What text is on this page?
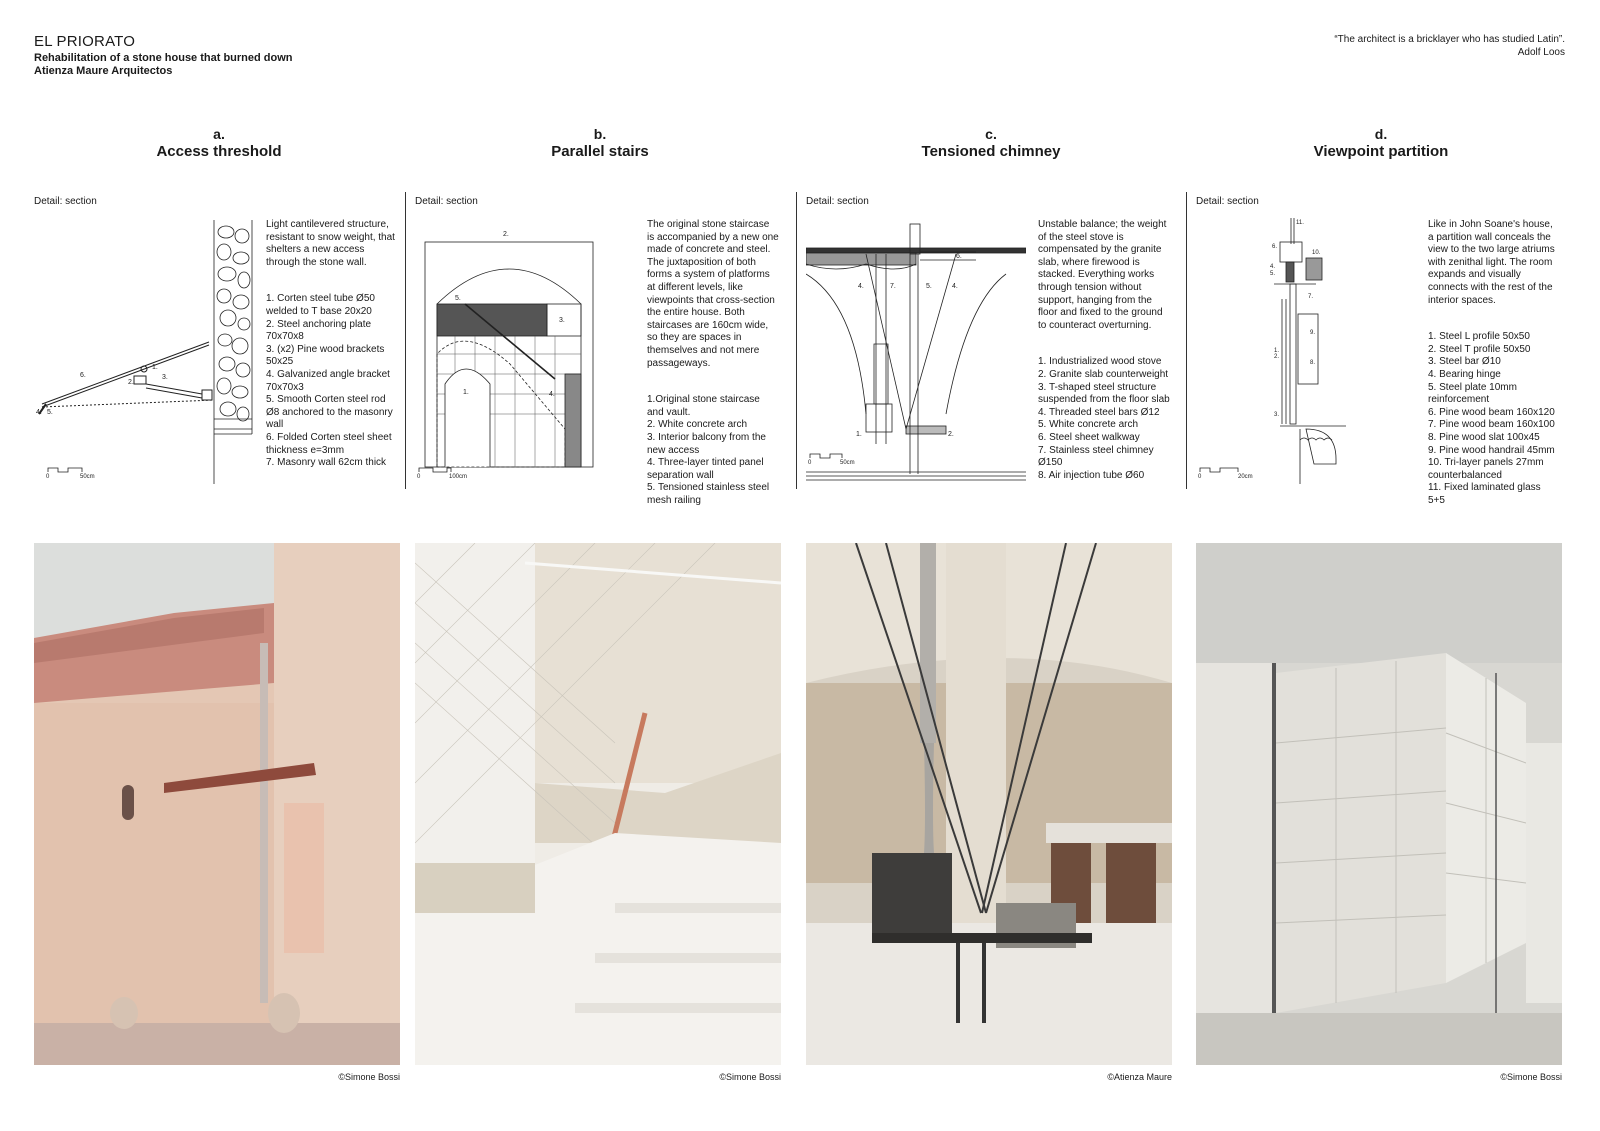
EL PRIORATO
Rehabilitation of a stone house that burned down
Atienza Maure Arquitectos
“The architect is a bricklayer who has studied Latin”.
Adolf Loos
a.
Access threshold
Detail: section
1.
2.
3.
4. 5.
6.
0	50cm
Light cantilevered structure, resistant to snow weight, that shelters a new access through the stone wall.
1. Corten steel tube Ø50 welded to T base 20x20
2. Steel anchoring plate 70x70x8
3. (x2) Pine wood brackets 50x25
4. Galvanized angle bracket 70x70x3
5. Smooth Corten steel rod Ø8 anchored to the masonry wall
6. Folded Corten steel sheet thickness e=3mm
7. Masonry wall 62cm thick
©Simone Bossi
b.
Parallel stairs
Detail: section
1.
2.
3.
4.
5.
0	100cm
The original stone staircase is accompanied by a new one made of concrete and steel. The juxtaposition of both forms a system of platforms at different levels, like viewpoints that cross-section the entire house. Both staircases are 160cm wide, so they are spaces in themselves and not mere passageways.
1.Original stone staircase and vault.
2. White concrete arch
3. Interior balcony from the new access
4. Three-layer tinted panel separation wall
5. Tensioned stainless steel mesh railing
©Simone Bossi
c.
Tensioned chimney
Detail: section
1.	2.
4.	4.
5.
6.
7.
0	50cm
Unstable balance; the weight of the steel stove is compensated by the granite slab, where firewood is stacked. Everything works through tension without support, hanging from the floor and fixed to the ground to counteract overturning.
1. Industrialized wood stove
2. Granite slab counterweight
3. T-shaped steel structure suspended from the floor slab
4. Threaded steel bars Ø12
5. White concrete arch
6. Steel sheet walkway
7. Stainless steel chimney Ø150
8. Air injection tube Ø60
©Atienza Maure
d.
Viewpoint partition
Detail: section
1.
2.
3.
4.
5.
6.
7.
8.
9.
10.
11.
0	20cm
Like in John Soane's house, a partition wall conceals the view to the two large atriums with zenithal light. The room expands and visually connects with the rest of the interior spaces.
1. Steel L profile 50x50
2. Steel T profile 50x50
3. Steel bar Ø10
4. Bearing hinge
5. Steel plate 10mm reinforcement
6. Pine wood beam 160x120
7. Pine wood beam 160x100
8. Pine wood slat 100x45
9. Pine wood handrail 45mm
10. Tri-layer panels 27mm counterbalanced
11. Fixed laminated glass 5+5
©Simone Bossi
